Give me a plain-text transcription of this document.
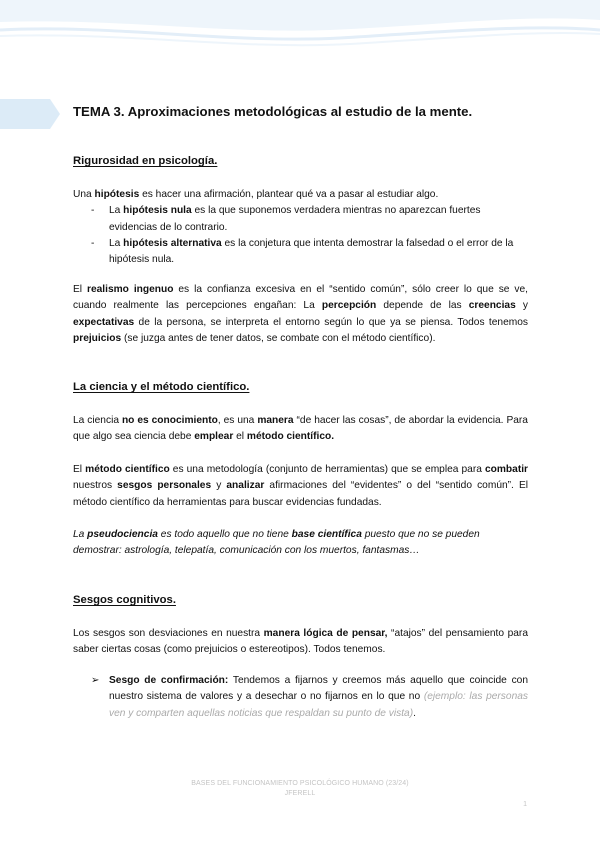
TEMA 3. Aproximaciones metodológicas al estudio de la mente.
Rigurosidad en psicología.

Una hipótesis es hacer una afirmación, plantear qué va a pasar al estudiar algo.

- La hipótesis nula es la que suponemos verdadera mientras no aparezcan fuertes evidencias de lo contrario.
- La hipótesis alternativa es la conjetura que intenta demostrar la falsedad o el error de la hipótesis nula.

El realismo ingenuo es la confianza excesiva en el “sentido común”, sólo creer lo que se ve, cuando realmente las percepciones engañan: La percepción depende de las creencias y expectativas de la persona, se interpreta el entorno según lo que ya se piensa. Todos tenemos prejuicios (se juzga antes de tener datos, se combate con el método científico).

La ciencia y el método científico.

La ciencia no es conocimiento, es una manera “de hacer las cosas”, de abordar la evidencia. Para que algo sea ciencia debe emplear el método científico.

El método científico es una metodología (conjunto de herramientas) que se emplea para combatir nuestros sesgos personales y analizar afirmaciones del “evidentes” o del “sentido común”. El método científico da herramientas para buscar evidencias fundadas.

La pseudociencia es todo aquello que no tiene base científica puesto que no se pueden demostrar: astrología, telepatía, comunicación con los muertos, fantasmas…

Sesgos cognitivos.

Los sesgos son desviaciones en nuestra manera lógica de pensar, “atajos” del pensamiento para saber ciertas cosas (como prejuicios o estereotipos). Todos tenemos.

➢ Sesgo de confirmación: Tendemos a fijarnos y creemos más aquello que coincide con nuestro sistema de valores y a desechar o no fijarnos en lo que no (ejemplo: las personas ven y comparten aquellas noticias que respaldan su punto de vista).
BASES DEL FUNCIONAMIENTO PSICOLÓGICO HUMANO (23/24)
JFERELL
1
